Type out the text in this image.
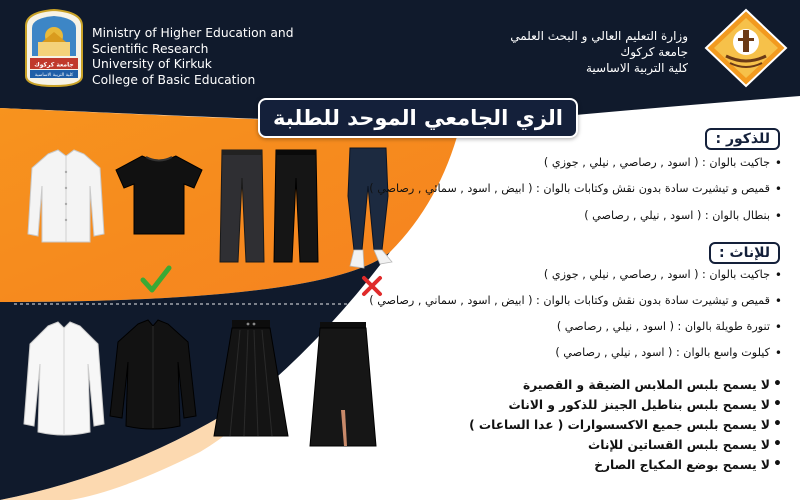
جامعة كركوك
كلية التربية الاساسية
Ministry of Higher Education and
Scientific Research
University of Kirkuk
College of Basic Education
وزارة التعليم العالي و البحث العلمي
جامعة كركوك
كلية التربية الاساسية
الزي الجامعي الموحد للطلبة
للذكور :
• جاكيت بالوان : ( اسود , رصاصي , نيلي , جوزي )
• قميص و تيشيرت سادة بدون نقش وكتابات بالوان : ( ابيض , اسود , سمائي , رصاصي )
• بنطال بالوان : ( اسود , نيلي , رصاصي )
للإناث :
• جاكيت بالوان : ( اسود , رصاصي , نيلي , جوزي )
• قميص و تيشيرت سادة بدون نقش وكتابات بالوان : ( ابيض , اسود , سماني , رصاصي )
• تنورة طويلة بالوان : ( اسود , نيلي , رصاصي )
• كيلوت واسع بالوان : ( اسود , نيلي , رصاصي )
• لا يسمح بلبس الملابس الضيقة و القصيرة
• لا يسمح بلبس بناطيل الجينز للذكور و الاناث
• لا يسمح بلبس جميع الاكسسوارات ( عدا الساعات )
• لا يسمح بلبس القساتين للإناث
• لا يسمح بوضع المكياج الصارخ
